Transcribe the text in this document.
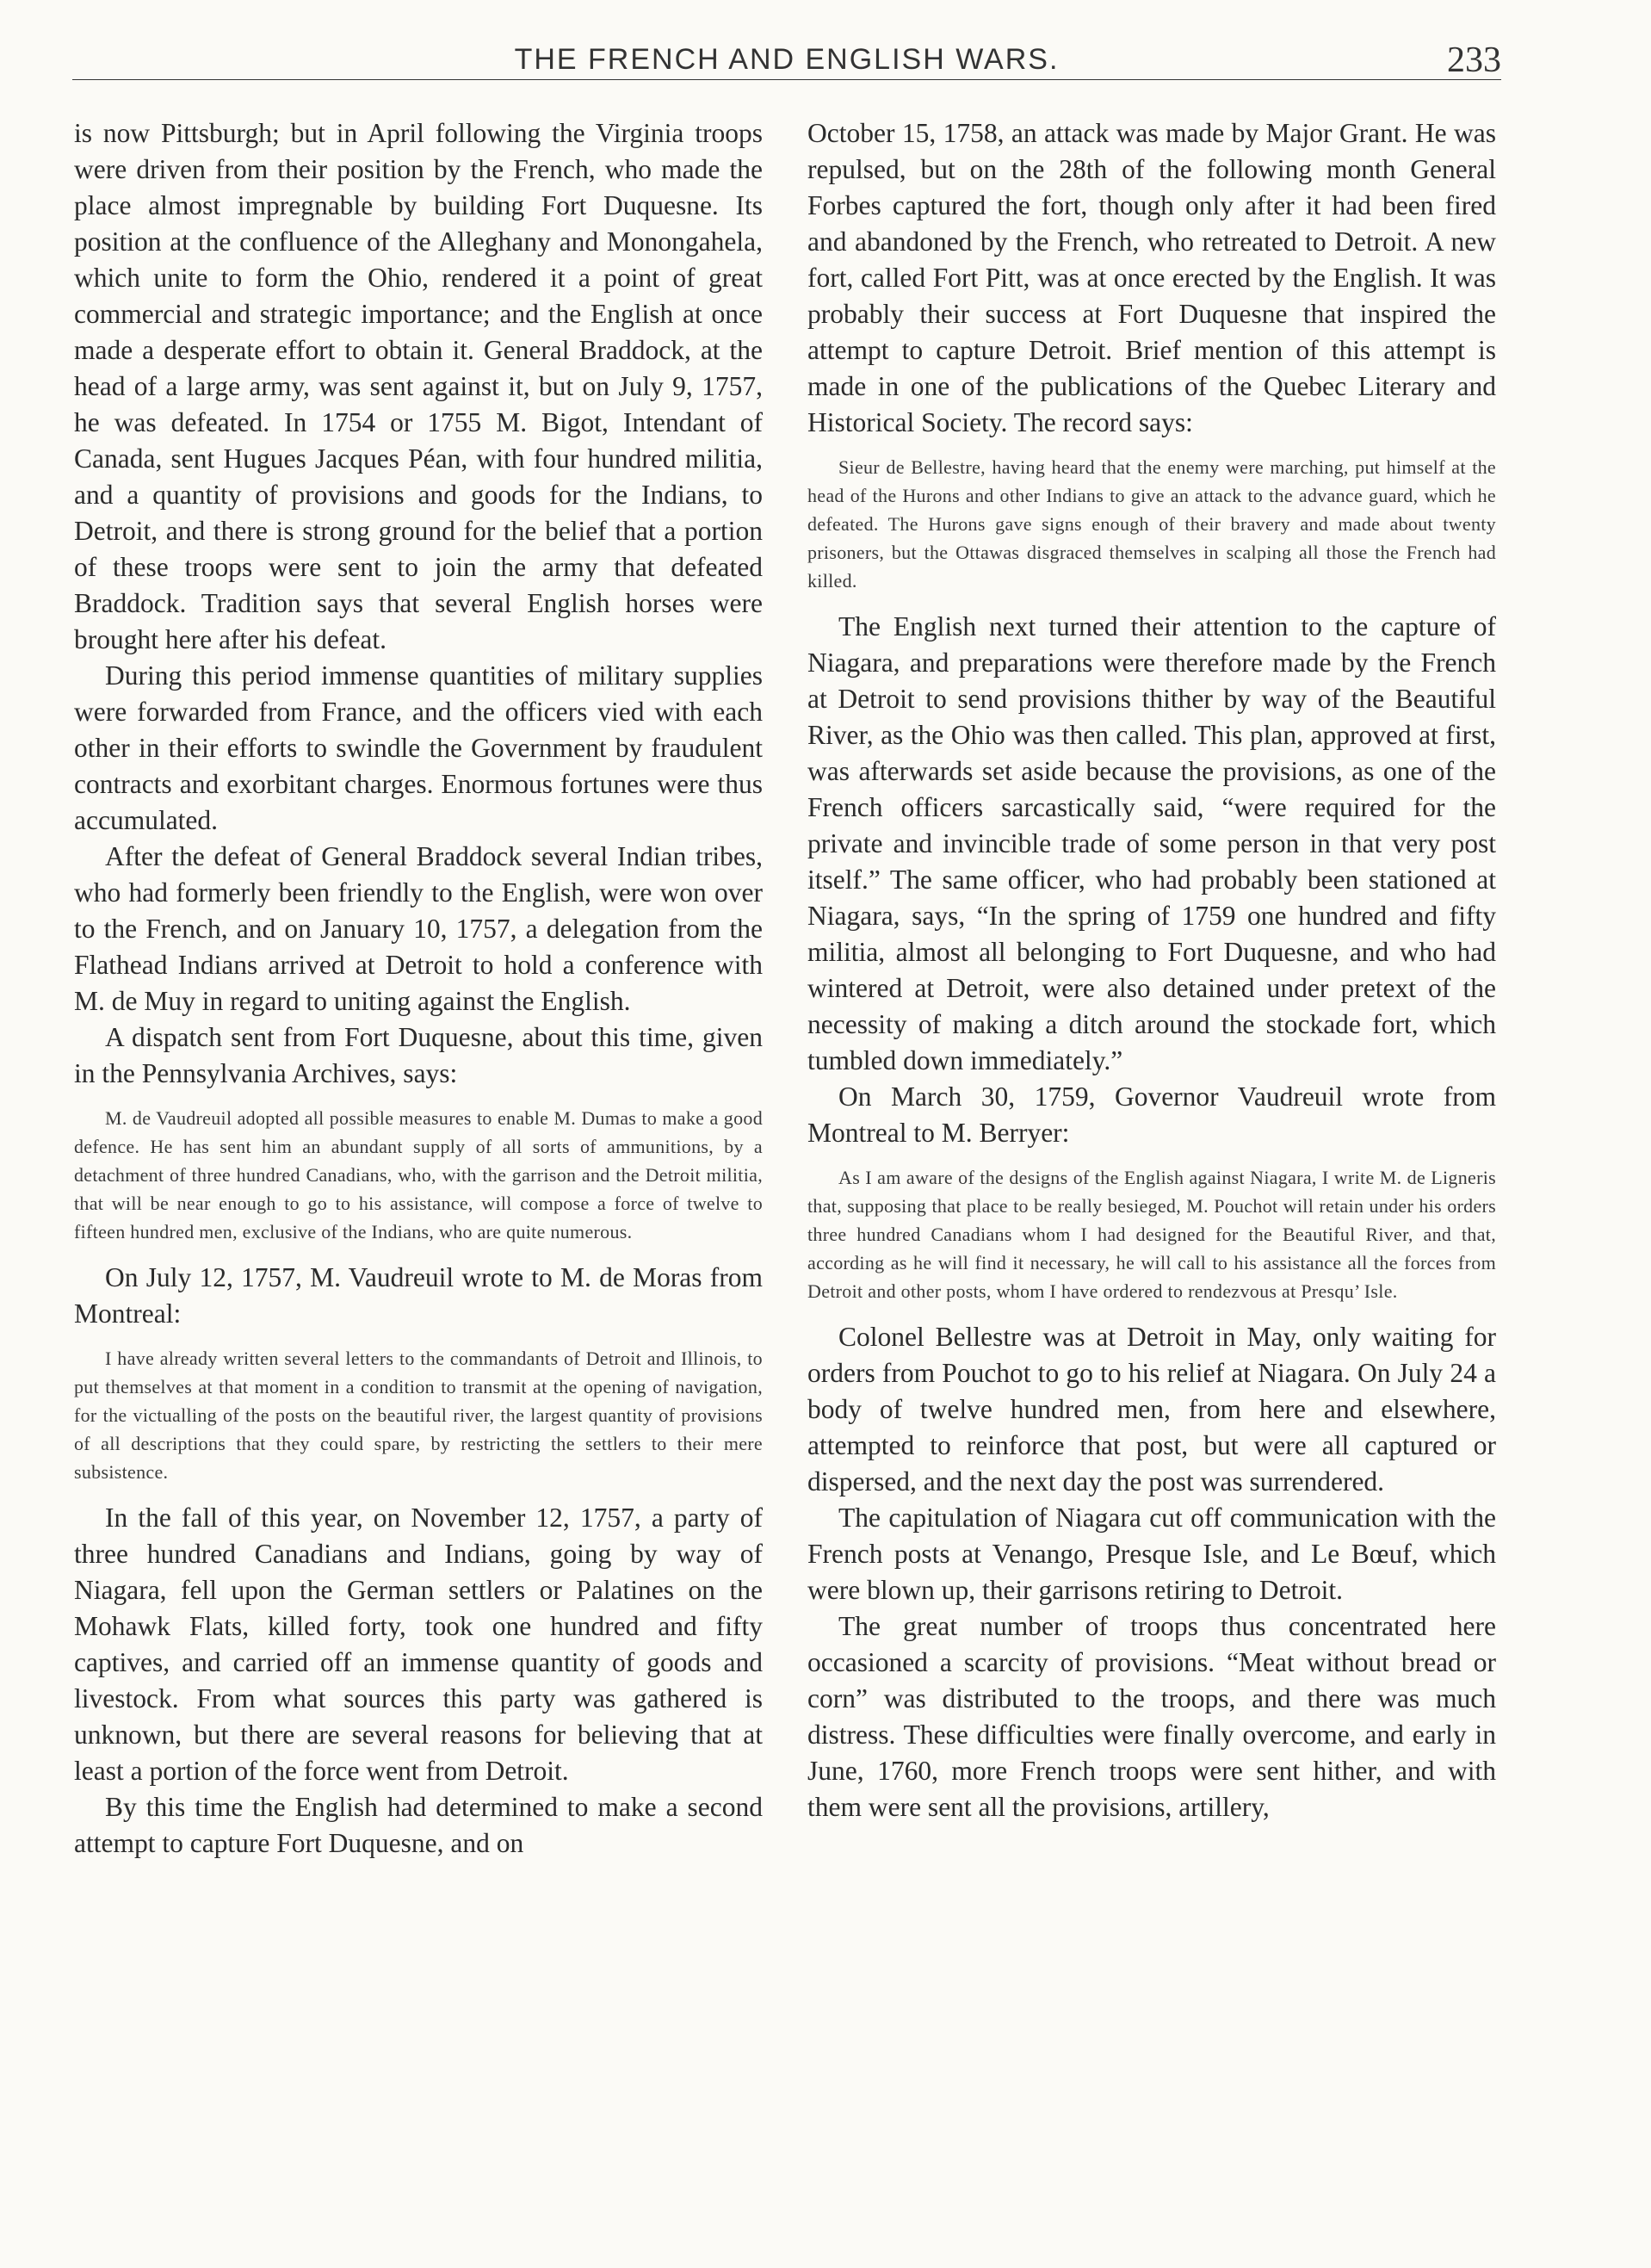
THE FRENCH AND ENGLISH WARS.	233

is now Pittsburgh; but in April following the Virginia troops were driven from their position by the French, who made the place almost impregnable by building Fort Duquesne. Its position at the confluence of the Alleghany and Monongahela, which unite to form the Ohio, rendered it a point of great commercial and strategic importance; and the English at once made a desperate effort to obtain it. General Braddock, at the head of a large army, was sent against it, but on July 9, 1757, he was defeated. In 1754 or 1755 M. Bigot, Intendant of Canada, sent Hugues Jacques Péan, with four hundred militia, and a quantity of provisions and goods for the Indians, to Detroit, and there is strong ground for the belief that a portion of these troops were sent to join the army that defeated Braddock. Tradition says that several English horses were brought here after his defeat.

During this period immense quantities of military supplies were forwarded from France, and the officers vied with each other in their efforts to swindle the Government by fraudulent contracts and exorbitant charges. Enormous fortunes were thus accumulated.

After the defeat of General Braddock several Indian tribes, who had formerly been friendly to the English, were won over to the French, and on January 10, 1757, a delegation from the Flathead Indians arrived at Detroit to hold a conference with M. de Muy in regard to uniting against the English.

A dispatch sent from Fort Duquesne, about this time, given in the Pennsylvania Archives, says:

M. de Vaudreuil adopted all possible measures to enable M. Dumas to make a good defence. He has sent him an abundant supply of all sorts of ammunitions, by a detachment of three hundred Canadians, who, with the garrison and the Detroit militia, that will be near enough to go to his assistance, will compose a force of twelve to fifteen hundred men, exclusive of the Indians, who are quite numerous.

On July 12, 1757, M. Vaudreuil wrote to M. de Moras from Montreal:

I have already written several letters to the commandants of Detroit and Illinois, to put themselves at that moment in a condition to transmit at the opening of navigation, for the victualling of the posts on the beautiful river, the largest quantity of provisions of all descriptions that they could spare, by restricting the settlers to their mere subsistence.

In the fall of this year, on November 12, 1757, a party of three hundred Canadians and Indians, going by way of Niagara, fell upon the German settlers or Palatines on the Mohawk Flats, killed forty, took one hundred and fifty captives, and carried off an immense quantity of goods and livestock. From what sources this party was gathered is unknown, but there are several reasons for believing that at least a portion of the force went from Detroit.

By this time the English had determined to make a second attempt to capture Fort Duquesne, and on

October 15, 1758, an attack was made by Major Grant. He was repulsed, but on the 28th of the following month General Forbes captured the fort, though only after it had been fired and abandoned by the French, who retreated to Detroit. A new fort, called Fort Pitt, was at once erected by the English. It was probably their success at Fort Duquesne that inspired the attempt to capture Detroit. Brief mention of this attempt is made in one of the publications of the Quebec Literary and Historical Society. The record says:

Sieur de Bellestre, having heard that the enemy were marching, put himself at the head of the Hurons and other Indians to give an attack to the advance guard, which he defeated. The Hurons gave signs enough of their bravery and made about twenty prisoners, but the Ottawas disgraced themselves in scalping all those the French had killed.

The English next turned their attention to the capture of Niagara, and preparations were therefore made by the French at Detroit to send provisions thither by way of the Beautiful River, as the Ohio was then called. This plan, approved at first, was afterwards set aside because the provisions, as one of the French officers sarcastically said, “were required for the private and invincible trade of some person in that very post itself.” The same officer, who had probably been stationed at Niagara, says, “In the spring of 1759 one hundred and fifty militia, almost all belonging to Fort Duquesne, and who had wintered at Detroit, were also detained under pretext of the necessity of making a ditch around the stockade fort, which tumbled down immediately.”

On March 30, 1759, Governor Vaudreuil wrote from Montreal to M. Berryer:

As I am aware of the designs of the English against Niagara, I write M. de Ligneris that, supposing that place to be really besieged, M. Pouchot will retain under his orders three hundred Canadians whom I had designed for the Beautiful River, and that, according as he will find it necessary, he will call to his assistance all the forces from Detroit and other posts, whom I have ordered to rendezvous at Presqu’ Isle.

Colonel Bellestre was at Detroit in May, only waiting for orders from Pouchot to go to his relief at Niagara. On July 24 a body of twelve hundred men, from here and elsewhere, attempted to reinforce that post, but were all captured or dispersed, and the next day the post was surrendered.

The capitulation of Niagara cut off communication with the French posts at Venango, Presque Isle, and Le Bœuf, which were blown up, their garrisons retiring to Detroit.

The great number of troops thus concentrated here occasioned a scarcity of provisions. “Meat without bread or corn” was distributed to the troops, and there was much distress. These difficulties were finally overcome, and early in June, 1760, more French troops were sent hither, and with them were sent all the provisions, artillery,
